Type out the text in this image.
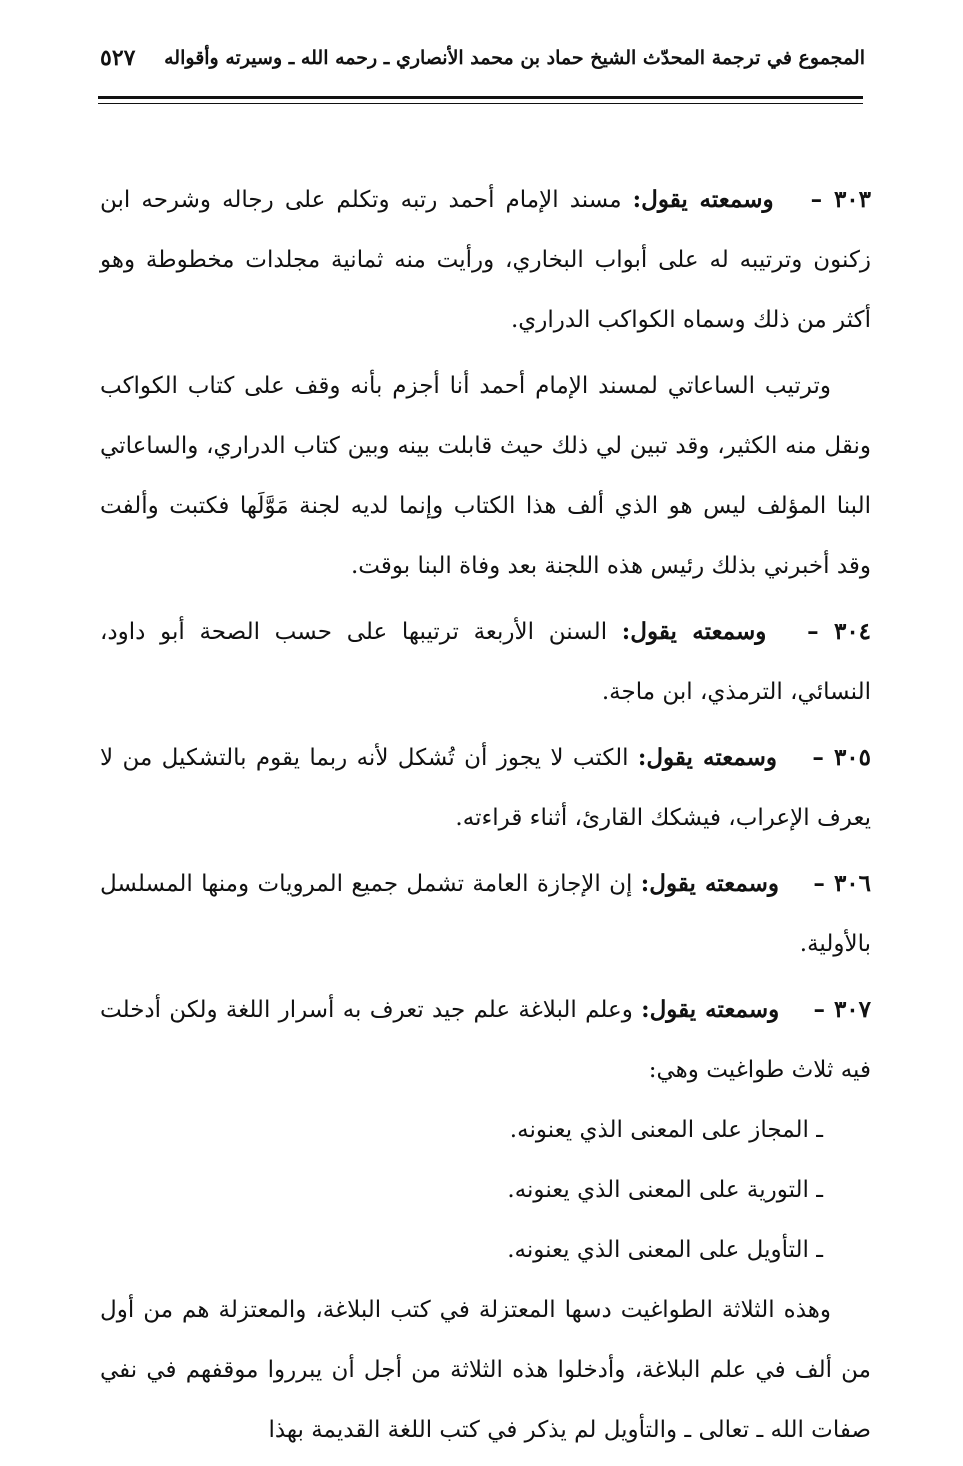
المجموع في ترجمة المحدّث الشيخ حماد بن محمد الأنصاري ـ رحمه الله ـ وسيرته وأقواله
٥٢٧

٣٠٣ – وسمعته يقول: مسند الإمام أحمد رتبه وتكلم على رجاله وشرحه ابن زكنون وترتيبه له على أبواب البخاري، ورأيت منه ثمانية مجلدات مخطوطة وهو أكثر من ذلك وسماه الكواكب الدراري.

وترتيب الساعاتي لمسند الإمام أحمد أنا أجزم بأنه وقف على كتاب الكواكب ونقل منه الكثير، وقد تبين لي ذلك حيث قابلت بينه وبين كتاب الدراري، والساعاتي البنا المؤلف ليس هو الذي ألف هذا الكتاب وإنما لديه لجنة مَوَّلَها فكتبت وألفت وقد أخبرني بذلك رئيس هذه اللجنة بعد وفاة البنا بوقت.

٣٠٤ – وسمعته يقول: السنن الأربعة ترتيبها على حسب الصحة أبو داود، النسائي، الترمذي، ابن ماجة.

٣٠٥ – وسمعته يقول: الكتب لا يجوز أن تُشكل لأنه ربما يقوم بالتشكيل من لا يعرف الإعراب، فيشكك القارئ، أثناء قراءته.

٣٠٦ – وسمعته يقول: إن الإجازة العامة تشمل جميع المرويات ومنها المسلسل بالأولية.

٣٠٧ – وسمعته يقول: وعلم البلاغة علم جيد تعرف به أسرار اللغة ولكن أدخلت فيه ثلاث طواغيت وهي:

ـ المجاز على المعنى الذي يعنونه.

ـ التورية على المعنى الذي يعنونه.

ـ التأويل على المعنى الذي يعنونه.

وهذه الثلاثة الطواغيت دسها المعتزلة في كتب البلاغة، والمعتزلة هم من أول من ألف في علم البلاغة، وأدخلوا هذه الثلاثة من أجل أن يبرروا موقفهم في نفي صفات الله ـ تعالى ـ والتأويل لم يذكر في كتب اللغة القديمة بهذا
